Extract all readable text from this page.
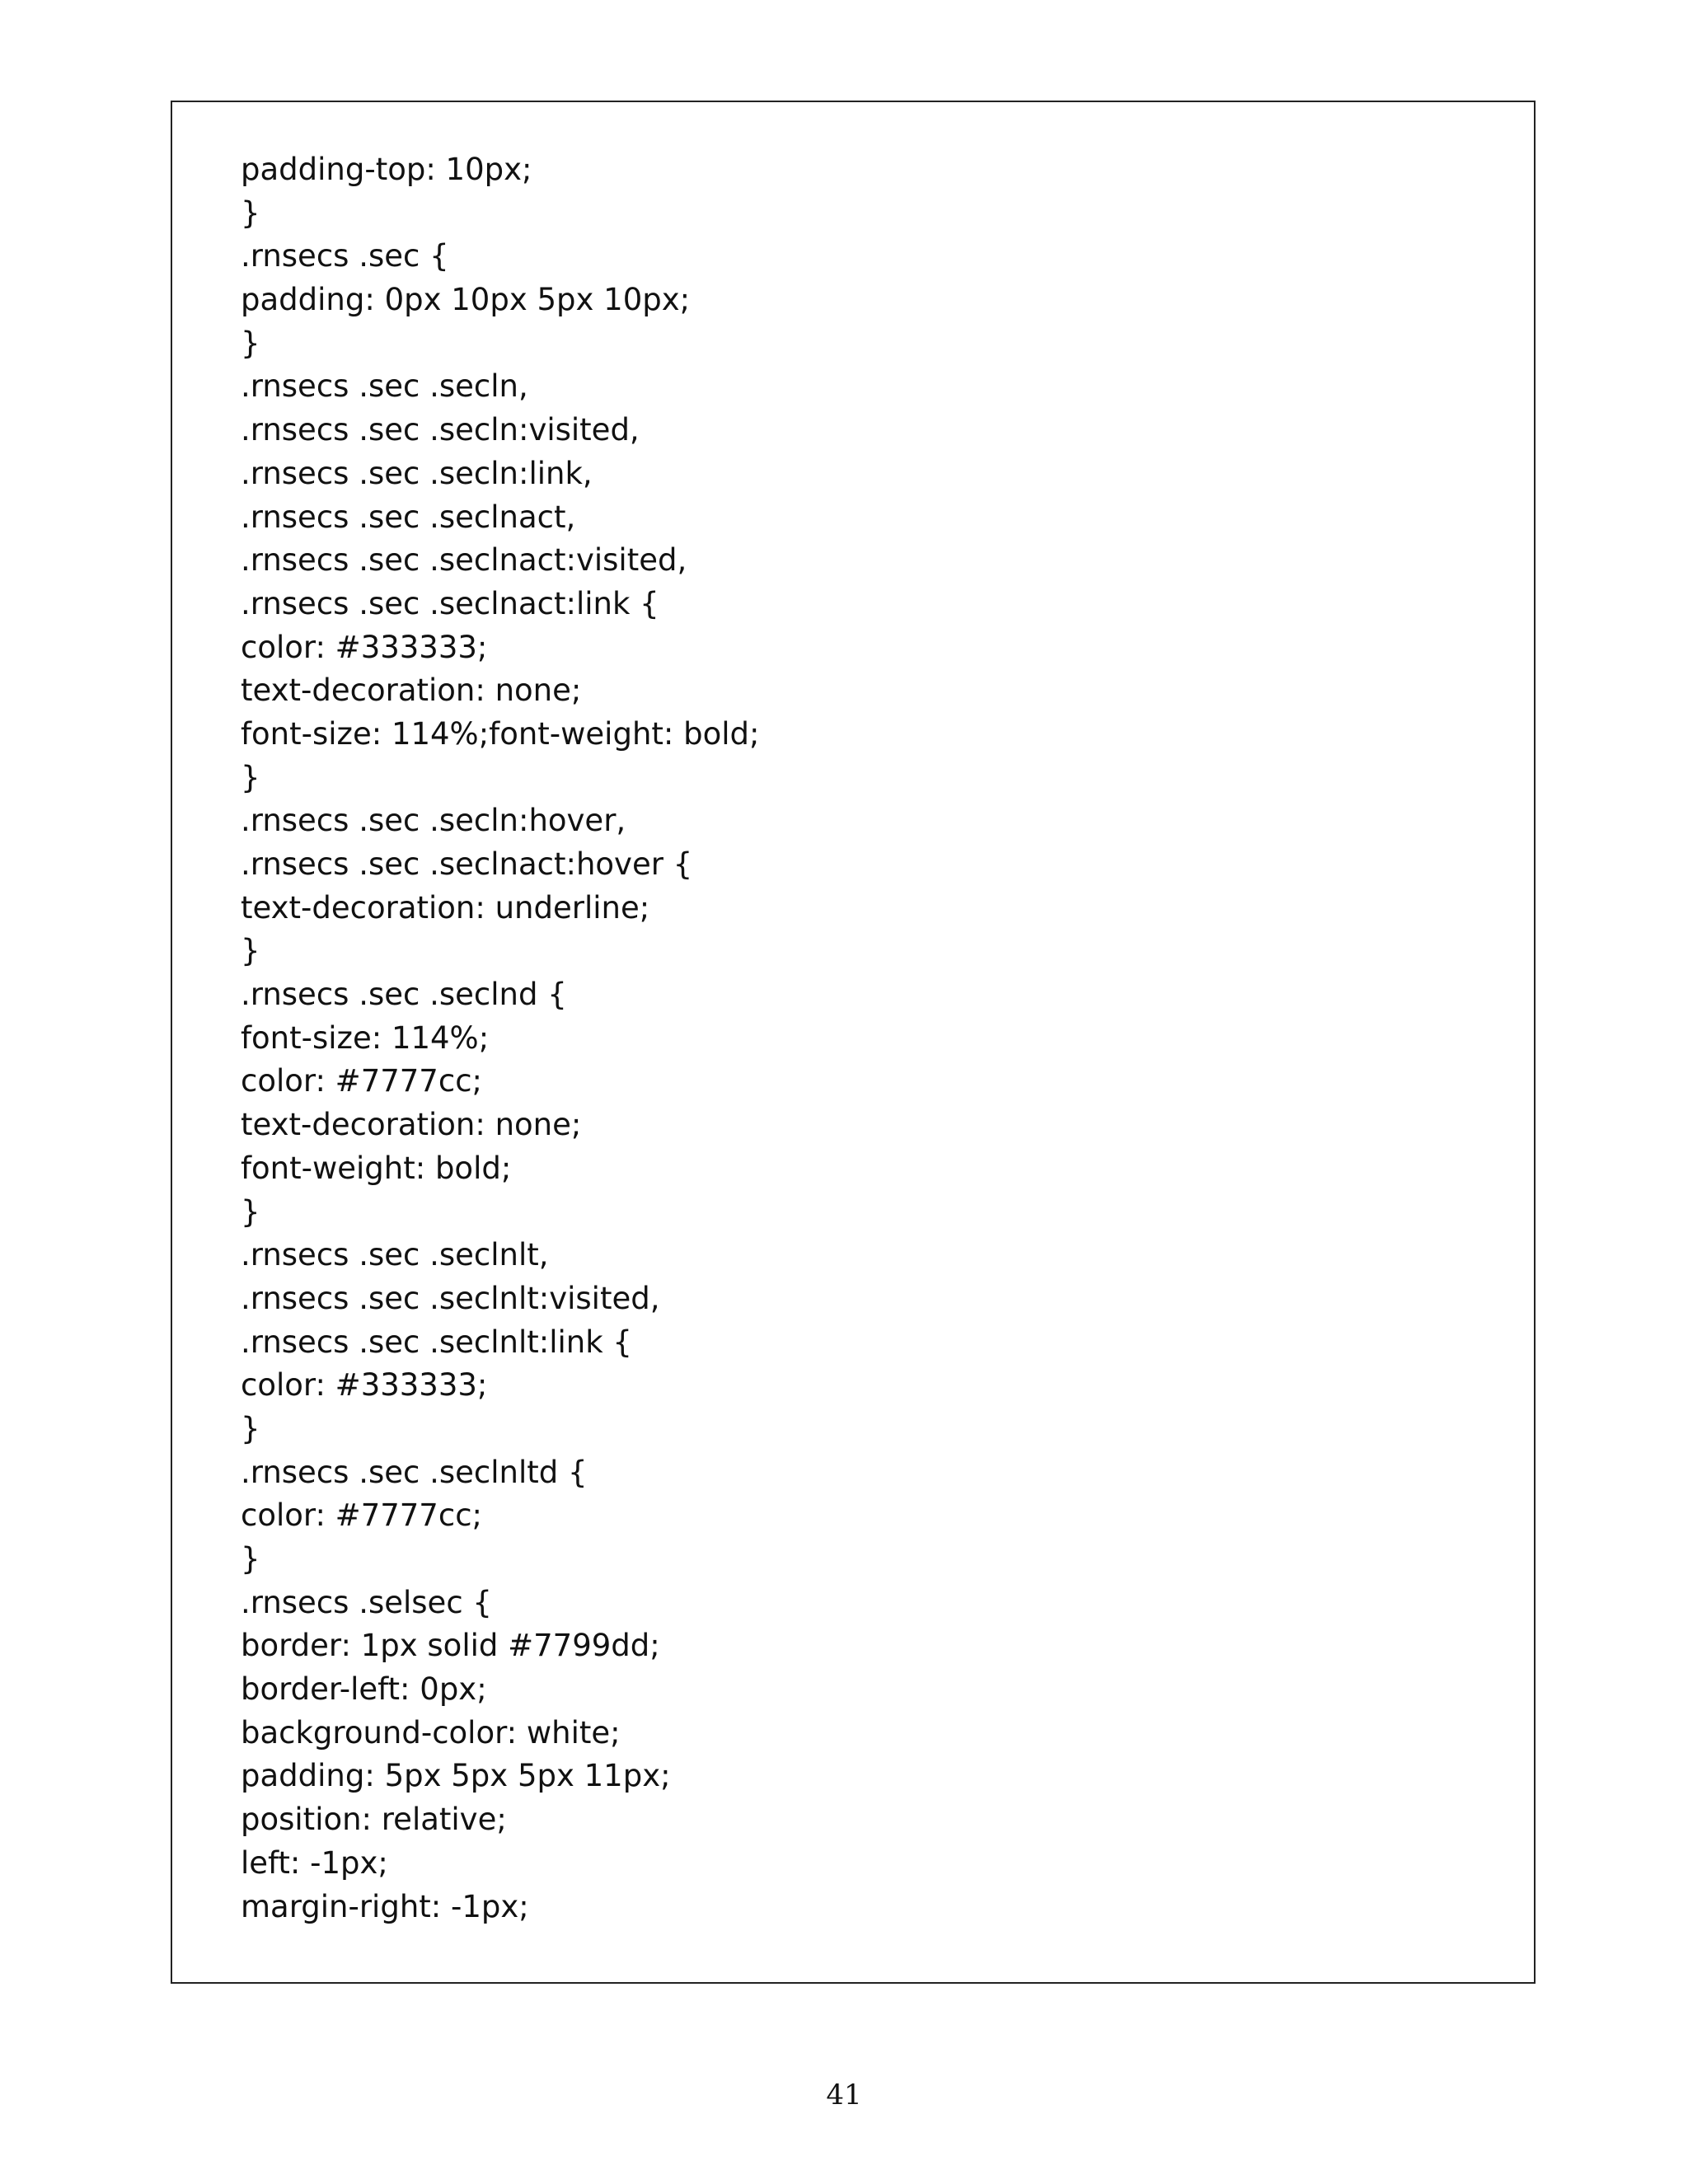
padding-top: 10px;
}
.rnsecs .sec {
padding: 0px 10px 5px 10px;
}
.rnsecs .sec .secln,
.rnsecs .sec .secln:visited,
.rnsecs .sec .secln:link,
.rnsecs .sec .seclnact,
.rnsecs .sec .seclnact:visited,
.rnsecs .sec .seclnact:link {
color: #333333;
text-decoration: none;
font-size: 114%;font-weight: bold;
}
.rnsecs .sec .secln:hover,
.rnsecs .sec .seclnact:hover {
text-decoration: underline;
}
.rnsecs .sec .seclnd {
font-size: 114%;
color: #7777cc;
text-decoration: none;
font-weight: bold;
}
.rnsecs .sec .seclnlt,
.rnsecs .sec .seclnlt:visited,
.rnsecs .sec .seclnlt:link {
color: #333333;
}
.rnsecs .sec .seclnltd {
color: #7777cc;
}
.rnsecs .selsec {
border: 1px solid #7799dd;
border-left: 0px;
background-color: white;
padding: 5px 5px 5px 11px;
position: relative;
left: -1px;
margin-right: -1px;
41
